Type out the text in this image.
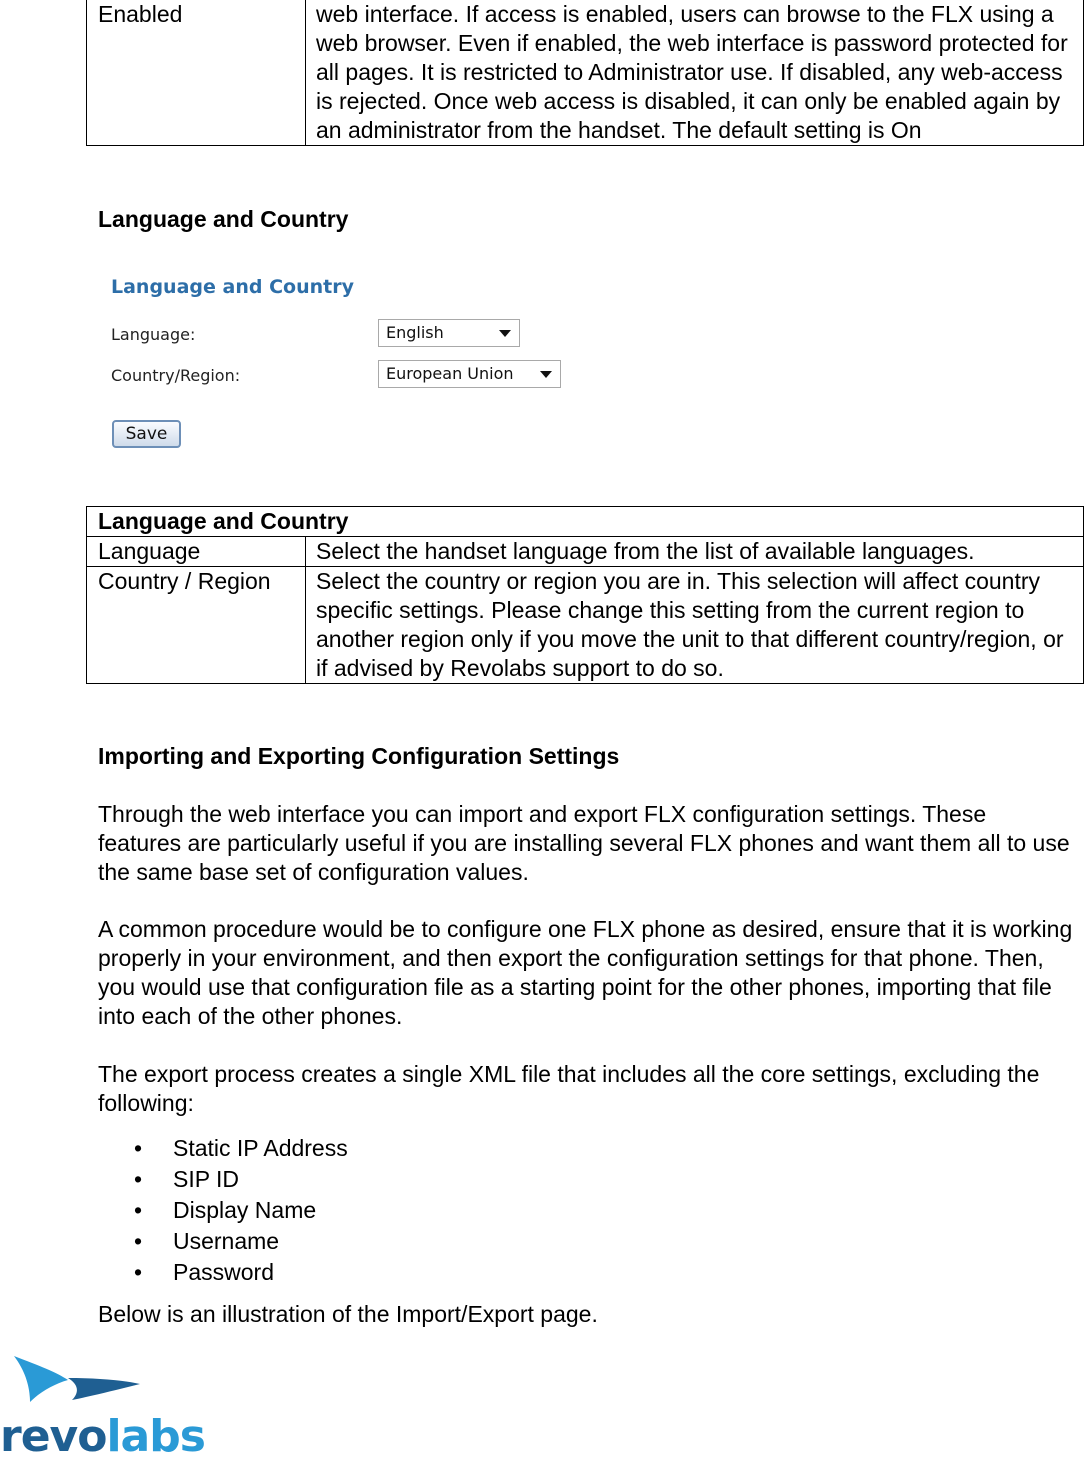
Enabled	web interface. If access is enabled, users can browse to the FLX using a web browser. Even if enabled, the web interface is password protected for all pages. It is restricted to Administrator use. If disabled, any web-access is rejected. Once web access is disabled, it can only be enabled again by an administrator from the handset. The default setting is On
Language and Country
Language and Country
Language:	English
Country/Region:	European Union
Save
Language and Country	
Language	Select the handset language from the list of available languages.
Country / Region	Select the country or region you are in. This selection will affect country specific settings. Please change this setting from the current region to another region only if you move the unit to that different country/region, or if advised by Revolabs support to do so.
Importing and Exporting Configuration Settings

Through the web interface you can import and export FLX configuration settings. These features are particularly useful if you are installing several FLX phones and want them all to use the same base set of configuration values.

A common procedure would be to configure one FLX phone as desired, ensure that it is working properly in your environment, and then export the configuration settings for that phone. Then, you would use that configuration file as a starting point for the other phones, importing that file into each of the other phones.

The export process creates a single XML file that includes all the core settings, excluding the following:

• Static IP Address
• SIP ID
• Display Name
• Username
• Password

Below is an illustration of the Import/Export page.

revolabs
